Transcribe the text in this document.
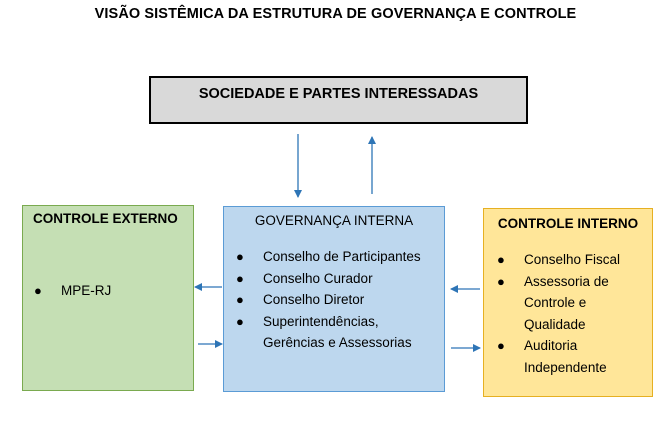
VISÃO SISTÊMICA DA ESTRUTURA DE GOVERNANÇA E CONTROLE
SOCIEDADE E PARTES INTERESSADAS
CONTROLE EXTERNO
● MPE-RJ
GOVERNANÇA INTERNA
● Conselho de Participantes
● Conselho Curador
● Conselho Diretor
● Superintendências, Gerências e Assessorias
CONTROLE INTERNO
● Conselho Fiscal
● Assessoria de Controle e Qualidade
● Auditoria Independente
